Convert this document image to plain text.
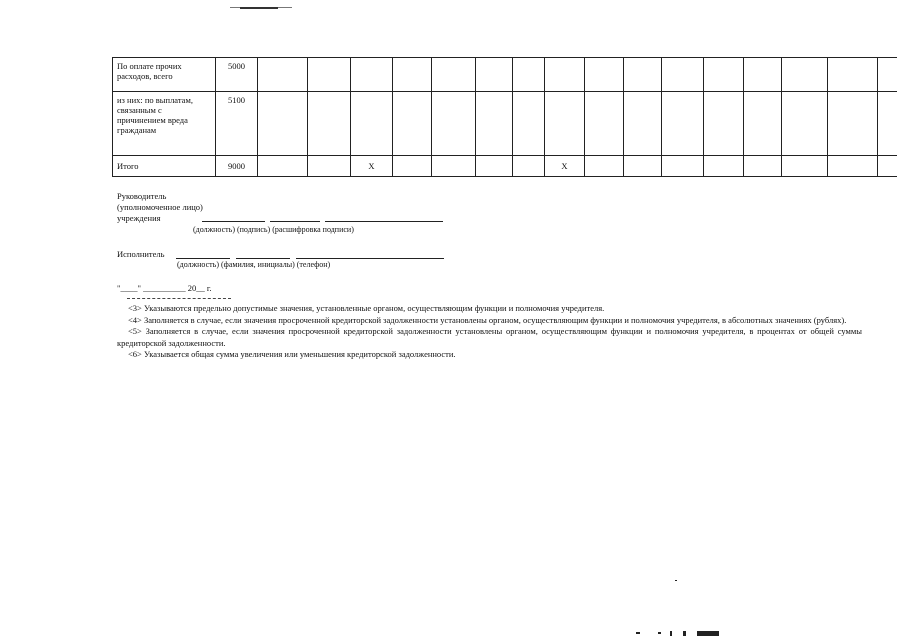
По оплате прочих расходов, всего	5000																
из них: по выплатам, связанным с причинением вреда гражданам	5100																
Итого	9000			X					X								
Руководитель
(уполномоченное лицо)
учреждения
(должность) (подпись) (расшифровка подписи)
Исполнитель
(должность) (фамилия, инициалы) (телефон)
"____" __________ 20__ г.

<3> Указываются предельно допустимые значения, установленные органом, осуществляющим функции и полномочия учредителя.

<4> Заполняется в случае, если значения просроченной кредиторской задолженности установлены органом, осуществляющим функции и полномочия учредителя, в абсолютных значениях (рублях).

<5> Заполняется в случае, если значения просроченной кредиторской задолженности установлены органом, осуществляющим функции и полномочия учредителя, в процентах от общей суммы кредиторской задолженности.

<6> Указывается общая сумма увеличения или уменьшения кредиторской задолженности.
